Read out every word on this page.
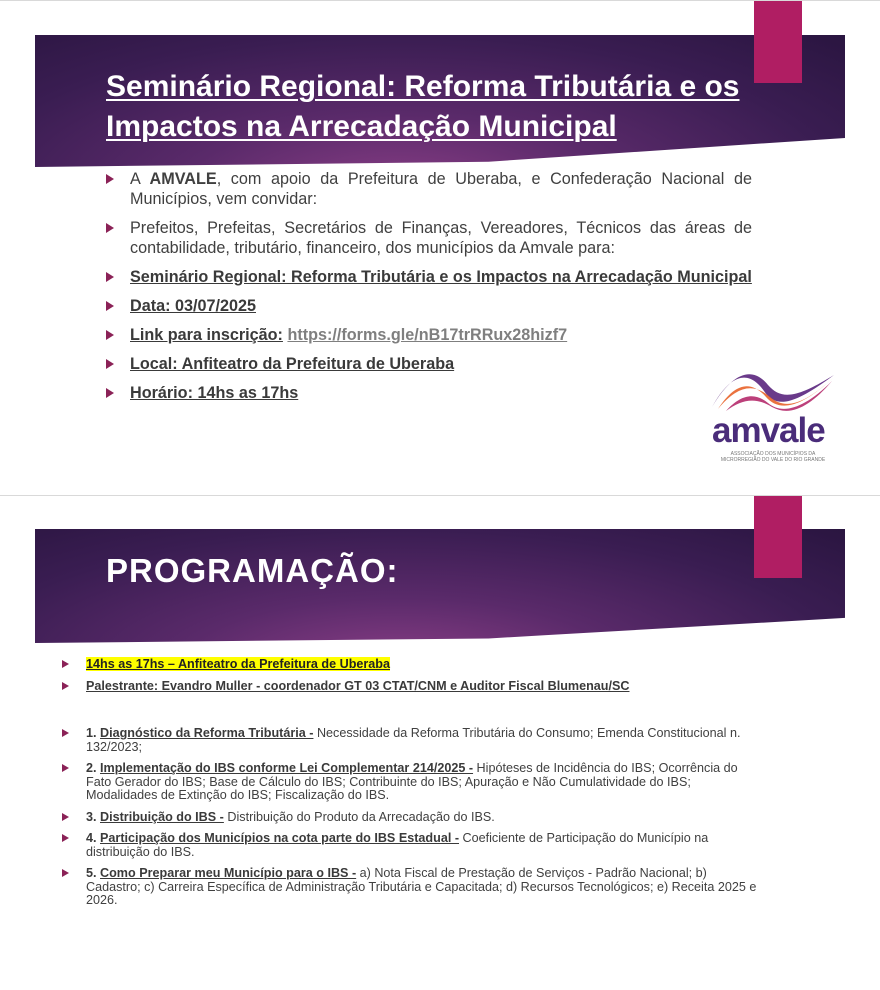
Seminário Regional: Reforma Tributária e os Impactos na Arrecadação Municipal
A AMVALE, com apoio da Prefeitura de Uberaba, e Confederação Nacional de Municípios, vem convidar:
Prefeitos, Prefeitas, Secretários de Finanças, Vereadores, Técnicos das áreas de contabilidade, tributário, financeiro, dos municípios da Amvale para:
Seminário Regional: Reforma Tributária e os Impactos na Arrecadação Municipal
Data: 03/07/2025
Link para inscrição: https://forms.gle/nB17trRRux28hizf7
Local: Anfiteatro da Prefeitura de Uberaba
Horário: 14hs as 17hs
amvale
ASSOCIAÇÃO DOS MUNICÍPIOS DA
MICRORREGIÃO DO VALE DO RIO GRANDE
PROGRAMAÇÃO:
14hs as 17hs – Anfiteatro da Prefeitura de Uberaba
Palestrante: Evandro Muller - coordenador GT 03 CTAT/CNM e Auditor Fiscal Blumenau/SC
1. Diagnóstico da Reforma Tributária - Necessidade da Reforma Tributária do Consumo; Emenda Constitucional n. 132/2023;
2. Implementação do IBS conforme Lei Complementar 214/2025 - Hipóteses de Incidência do IBS; Ocorrência do Fato Gerador do IBS; Base de Cálculo do IBS; Contribuinte do IBS; Apuração e Não Cumulatividade do IBS; Modalidades de Extinção do IBS; Fiscalização do IBS.
3. Distribuição do IBS - Distribuição do Produto da Arrecadação do IBS.
4. Participação dos Municípios na cota parte do IBS Estadual - Coeficiente de Participação do Município na distribuição do IBS.
5. Como Preparar meu Município para o IBS - a) Nota Fiscal de Prestação de Serviços - Padrão Nacional; b) Cadastro; c) Carreira Específica de Administração Tributária e Capacitada; d) Recursos Tecnológicos; e) Receita 2025 e 2026.
